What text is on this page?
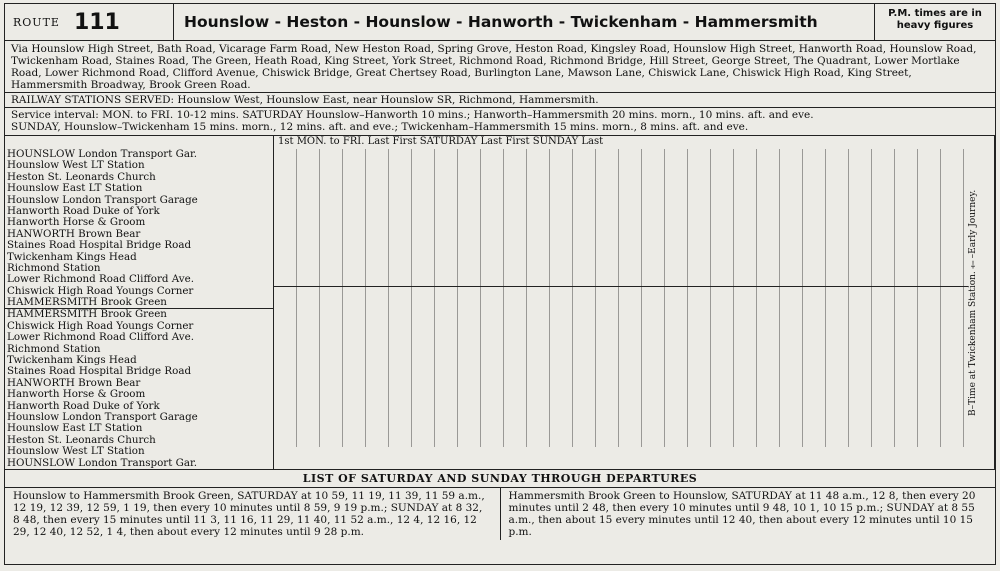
ROUTE 111	Hounslow - Heston - Hounslow - Hanworth - Twickenham - Hammersmith	P.M. times are in heavy figures
Via Hounslow High Street, Bath Road, Vicarage Farm Road, New Heston Road, Spring Grove, Heston Road, Kingsley Road, Hounslow High Street, Hanworth Road, Hounslow Road, Twickenham Road, Staines Road, The Green, Heath Road, King Street, York Street, Richmond Road, Richmond Bridge, Hill Street, George Street, The Quadrant, Lower Mortlake Road, Lower Richmond Road, Clifford Avenue, Chiswick Bridge, Great Chertsey Road, Burlington Lane, Mawson Lane, Chiswick Lane, Chiswick High Road, King Street, Hammersmith Broadway, Brook Green Road.
RAILWAY STATIONS SERVED: Hounslow West, Hounslow East, near Hounslow SR, Richmond, Hammersmith.
Service interval: MON. to FRI. 10-12 mins. SATURDAY Hounslow–Hanworth 10 mins.; Hanworth–Hammersmith 20 mins. morn., 10 mins. aft. and eve.
SUNDAY, Hounslow–Twickenham 15 mins. morn., 12 mins. aft. and eve.; Twickenham–Hammersmith 15 mins. morn., 8 mins. aft. and eve.
HOUNSLOW London Transport Gar.
Hounslow West LT Station
Heston St. Leonards Church
Hounslow East LT Station
Hounslow London Transport Garage
Hanworth Road Duke of York
Hanworth Horse & Groom
HANWORTH Brown Bear
Staines Road Hospital Bridge Road
Twickenham Kings Head
Richmond Station
Lower Richmond Road Clifford Ave.
Chiswick High Road Youngs Corner
HAMMERSMITH Brook Green
HAMMERSMITH Brook Green
Chiswick High Road Youngs Corner
Lower Richmond Road Clifford Ave.
Richmond Station
Twickenham Kings Head
Staines Road Hospital Bridge Road
HANWORTH Brown Bear
Hanworth Horse & Groom
Hanworth Road Duke of York
Hounslow London Transport Garage
Hounslow East LT Station
Heston St. Leonards Church
Hounslow West LT Station
HOUNSLOW London Transport Gar.
1st MON. to FRI. Last First SATURDAY Last First SUNDAY Last
B–Time at Twickenham Station. †–Early Journey.
LIST OF SATURDAY AND SUNDAY THROUGH DEPARTURES
Hounslow to Hammersmith Brook Green, SATURDAY at 10 59, 11 19, 11 39, 11 59 a.m., 12 19, 12 39, 12 59, 1 19, then every 10 minutes until 8 59, 9 19 p.m.; SUNDAY at 8 32, 8 48, then every 15 minutes until 11 3, 11 16, 11 29, 11 40, 11 52 a.m., 12 4, 12 16, 12 29, 12 40, 12 52, 1 4, then about every 12 minutes until 9 28 p.m.
Hammersmith Brook Green to Hounslow, SATURDAY at 11 48 a.m., 12 8, then every 20 minutes until 2 48, then every 10 minutes until 9 48, 10 1, 10 15 p.m.; SUNDAY at 8 55 a.m., then about 15 every minutes until 12 40, then about every 12 minutes until 10 15 p.m.
